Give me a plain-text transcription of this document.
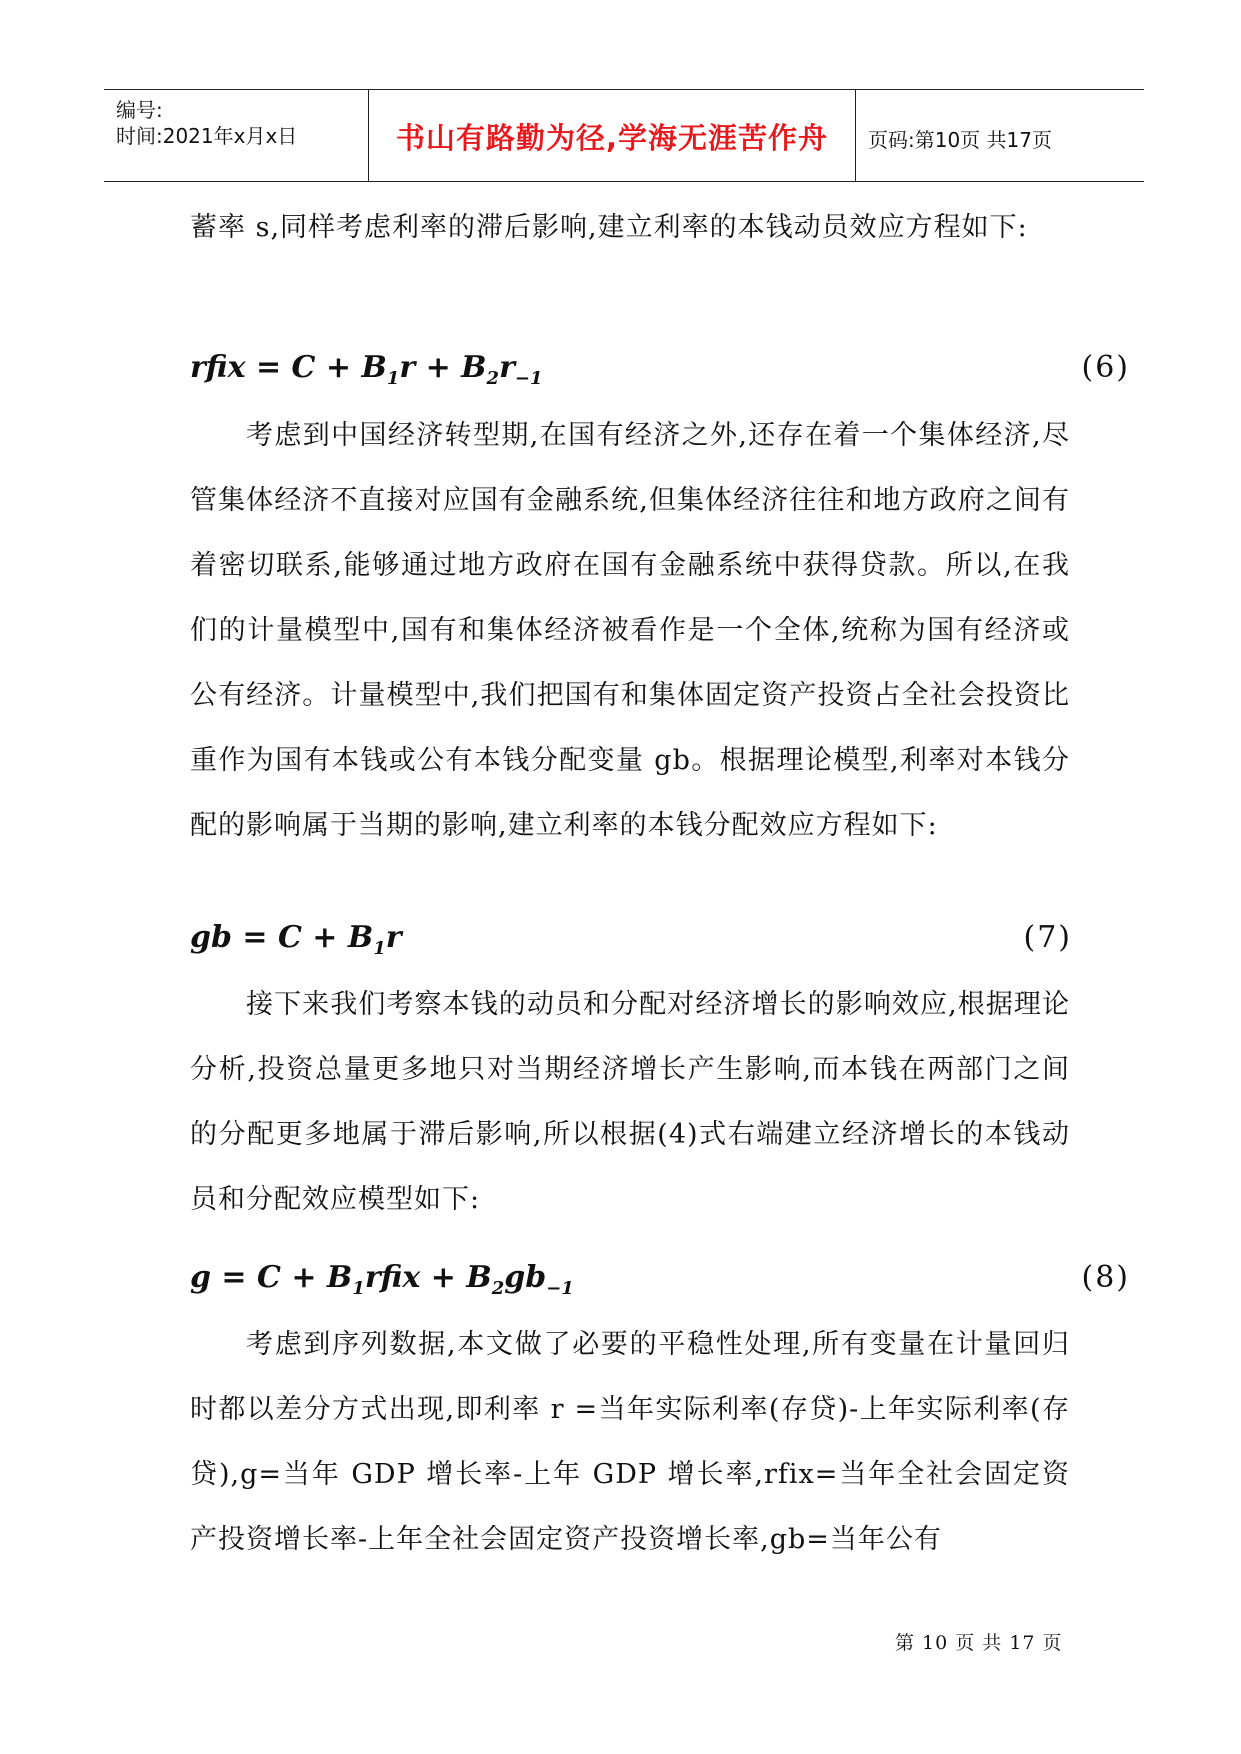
编号:
时间:2021年x月x日	书山有路勤为径,学海无涯苦作舟	页码:第10页 共17页
蓄率 s,同样考虑利率的滞后影响,建立利率的本钱动员效应方程如下:
rfix = $C + B_1r + B_2r_{-1}$	(6)
考虑到中国经济转型期,在国有经济之外,还存在着一个集体经济,尽管集体经济不直接对应国有金融系统,但集体经济往往和地方政府之间有着密切联系,能够通过地方政府在国有金融系统中获得贷款。所以,在我们的计量模型中,国有和集体经济被看作是一个全体,统称为国有经济或公有经济。计量模型中,我们把国有和集体固定资产投资占全社会投资比重作为国有本钱或公有本钱分配变量 gb。根据理论模型,利率对本钱分配的影响属于当期的影响,建立利率的本钱分配效应方程如下:
gb = $C + B_1r$	(7)
接下来我们考察本钱的动员和分配对经济增长的影响效应,根据理论分析,投资总量更多地只对当期经济增长产生影响,而本钱在两部门之间的分配更多地属于滞后影响,所以根据(4)式右端建立经济增长的本钱动员和分配效应模型如下:
$g = C + B_1rfix + B_2gb_{-1}$	(8)
考虑到序列数据,本文做了必要的平稳性处理,所有变量在计量回归时都以差分方式出现,即利率 r =当年实际利率(存贷)-上年实际利率(存贷),g=当年 GDP 增长率-上年 GDP 增长率,rfix=当年全社会固定资产投资增长率-上年全社会固定资产投资增长率,gb=当年公有
第 10 页 共 17 页
